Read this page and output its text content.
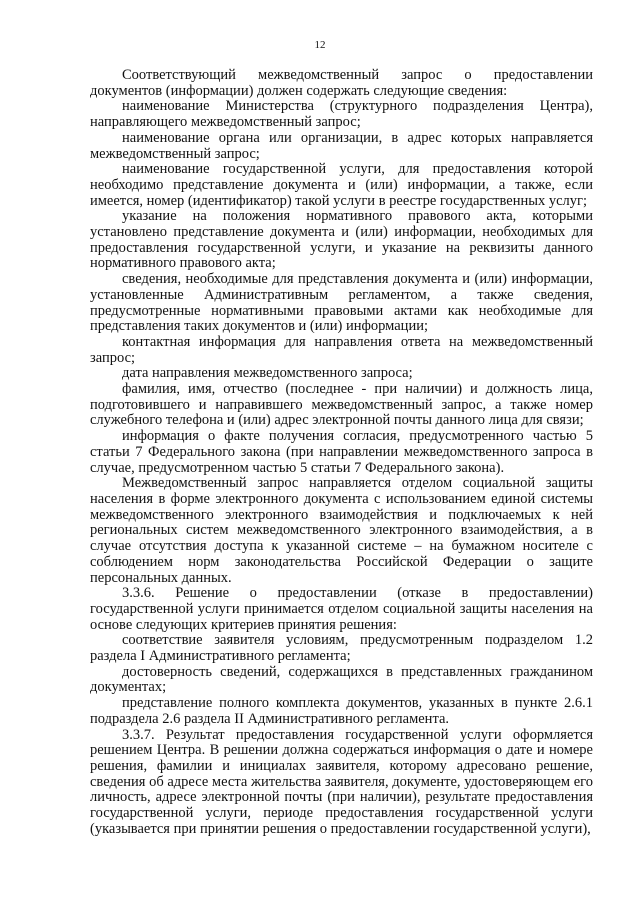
12

Соответствующий межведомственный запрос о предоставлении документов (информации) должен содержать следующие сведения:

наименование Министерства (структурного подразделения Центра), направляющего межведомственный запрос;

наименование органа или организации, в адрес которых направляется межведомственный запрос;

наименование государственной услуги, для предоставления которой необходимо представление документа и (или) информации, а также, если имеется, номер (идентификатор) такой услуги в реестре государственных услуг;

указание на положения нормативного правового акта, которыми установлено представление документа и (или) информации, необходимых для предоставления государственной услуги, и указание на реквизиты данного нормативного правового акта;

сведения, необходимые для представления документа и (или) информации, установленные Административным регламентом, а также сведения, предусмотренные нормативными правовыми актами как необходимые для представления таких документов и (или) информации;

контактная информация для направления ответа на межведомственный запрос;

дата направления межведомственного запроса;

фамилия, имя, отчество (последнее - при наличии) и должность лица, подготовившего и направившего межведомственный запрос, а также номер служебного телефона и (или) адрес электронной почты данного лица для связи;

информация о факте получения согласия, предусмотренного частью 5 статьи 7 Федерального закона (при направлении межведомственного запроса в случае, предусмотренном частью 5 статьи 7 Федерального закона).

Межведомственный запрос направляется отделом социальной защиты населения в форме электронного документа с использованием единой системы межведомственного электронного взаимодействия и подключаемых к ней региональных систем межведомственного электронного взаимодействия, а в случае отсутствия доступа к указанной системе – на бумажном носителе с соблюдением норм законодательства Российской Федерации о защите персональных данных.

3.3.6. Решение о предоставлении (отказе в предоставлении) государственной услуги принимается отделом социальной защиты населения на основе следующих критериев принятия решения:

соответствие заявителя условиям, предусмотренным подразделом 1.2 раздела I Административного регламента;

достоверность сведений, содержащихся в представленных гражданином документах;

представление полного комплекта документов, указанных в пункте 2.6.1 подраздела 2.6 раздела II Административного регламента.

3.3.7. Результат предоставления государственной услуги оформляется решением Центра. В решении должна содержаться информация о дате и номере решения, фамилии и инициалах заявителя, которому адресовано решение, сведения об адресе места жительства заявителя, документе, удостоверяющем его личность, адресе электронной почты (при наличии), результате предоставления государственной услуги, периоде предоставления государственной услуги (указывается при принятии решения о предоставлении государственной услуги),
